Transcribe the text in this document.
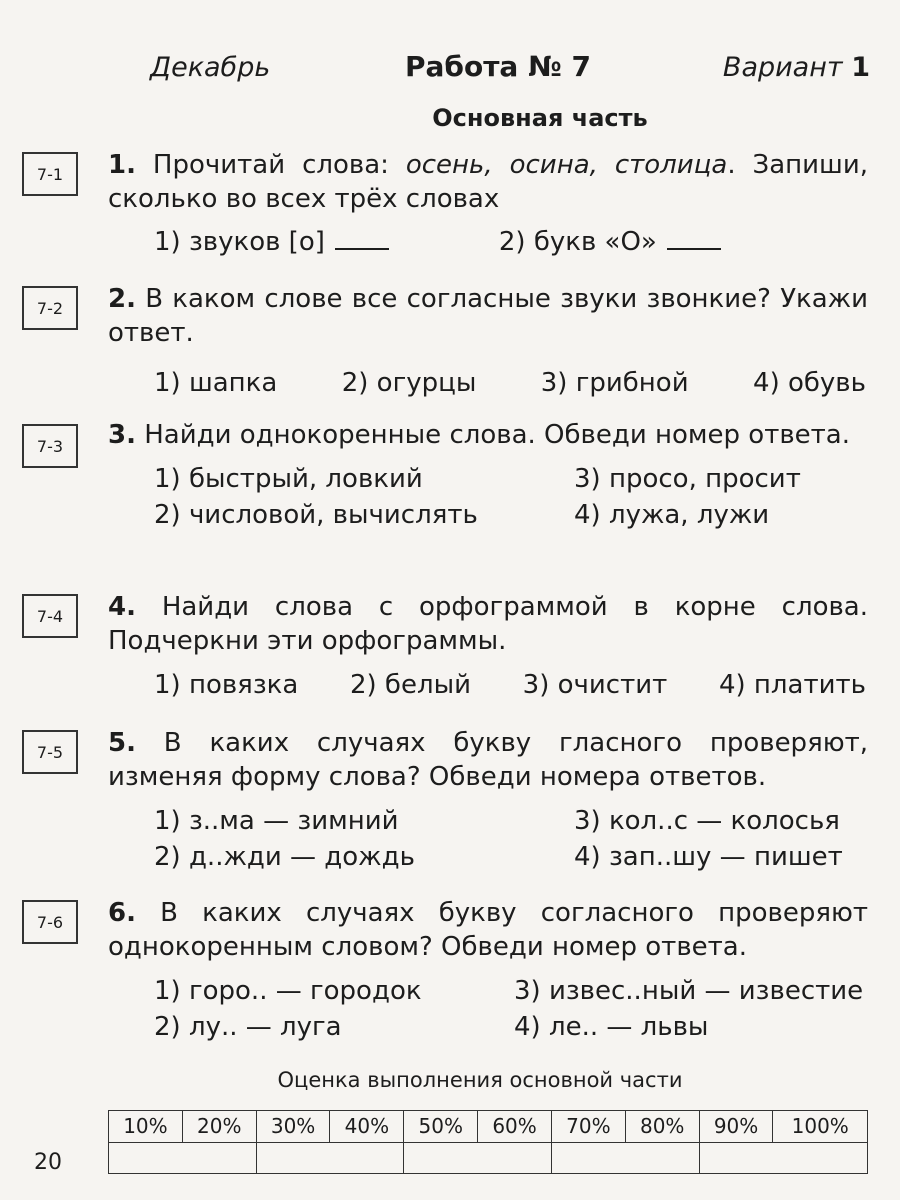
Декабрь	Работа № 7	Вариант 1
Основная часть
7-1	1. Прочитай слова: осень, осина, столица. Запиши, сколько во всех трёх словах
1) звуков [о]	2) букв «О»
7-2	2. В каком слове все согласные звуки звонкие? Укажи ответ.
1) шапка 2) огурцы 3) грибной 4) обувь
7-3	3. Найди однокоренные слова. Обведи номер ответа.
1) быстрый, ловкий	3) просо, просит
2) числовой, вычислять	4) лужа, лужи
7-4	4. Найди слова с орфограммой в корне слова. Подчеркни эти орфограммы.
1) повязка 2) белый 3) очистит 4) платить
7-5	5. В каких случаях букву гласного проверяют, изменяя форму слова? Обведи номера ответов.
1) з..ма — зимний	3) кол..с — колосья
2) д..жди — дождь	4) зап..шу — пишет
7-6	6. В каких случаях букву согласного проверяют однокоренным словом? Обведи номер ответа.
1) горо.. — городок	3) извес..ный — известие
2) лу.. — луга	4) ле.. — львы
Оценка выполнения основной части
10%	20%	30%	40%	50%	60%	70%	80%	90%	100%

20
